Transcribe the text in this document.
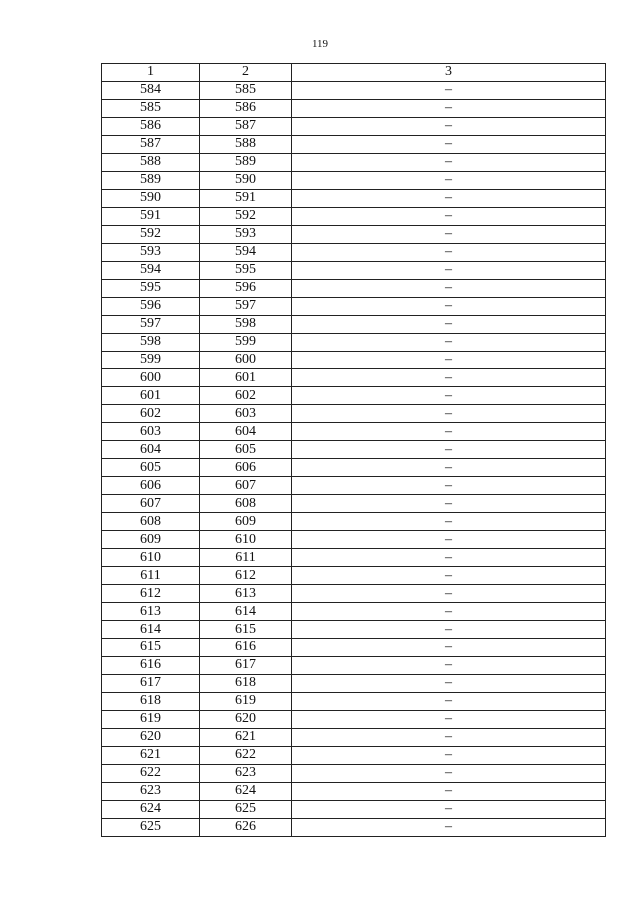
119
1	2	3
584	585	–
585	586	–
586	587	–
587	588	–
588	589	–
589	590	–
590	591	–
591	592	–
592	593	–
593	594	–
594	595	–
595	596	–
596	597	–
597	598	–
598	599	–
599	600	–
600	601	–
601	602	–
602	603	–
603	604	–
604	605	–
605	606	–
606	607	–
607	608	–
608	609	–
609	610	–
610	611	–
611	612	–
612	613	–
613	614	–
614	615	–
615	616	–
616	617	–
617	618	–
618	619	–
619	620	–
620	621	–
621	622	–
622	623	–
623	624	–
624	625	–
625	626	–
